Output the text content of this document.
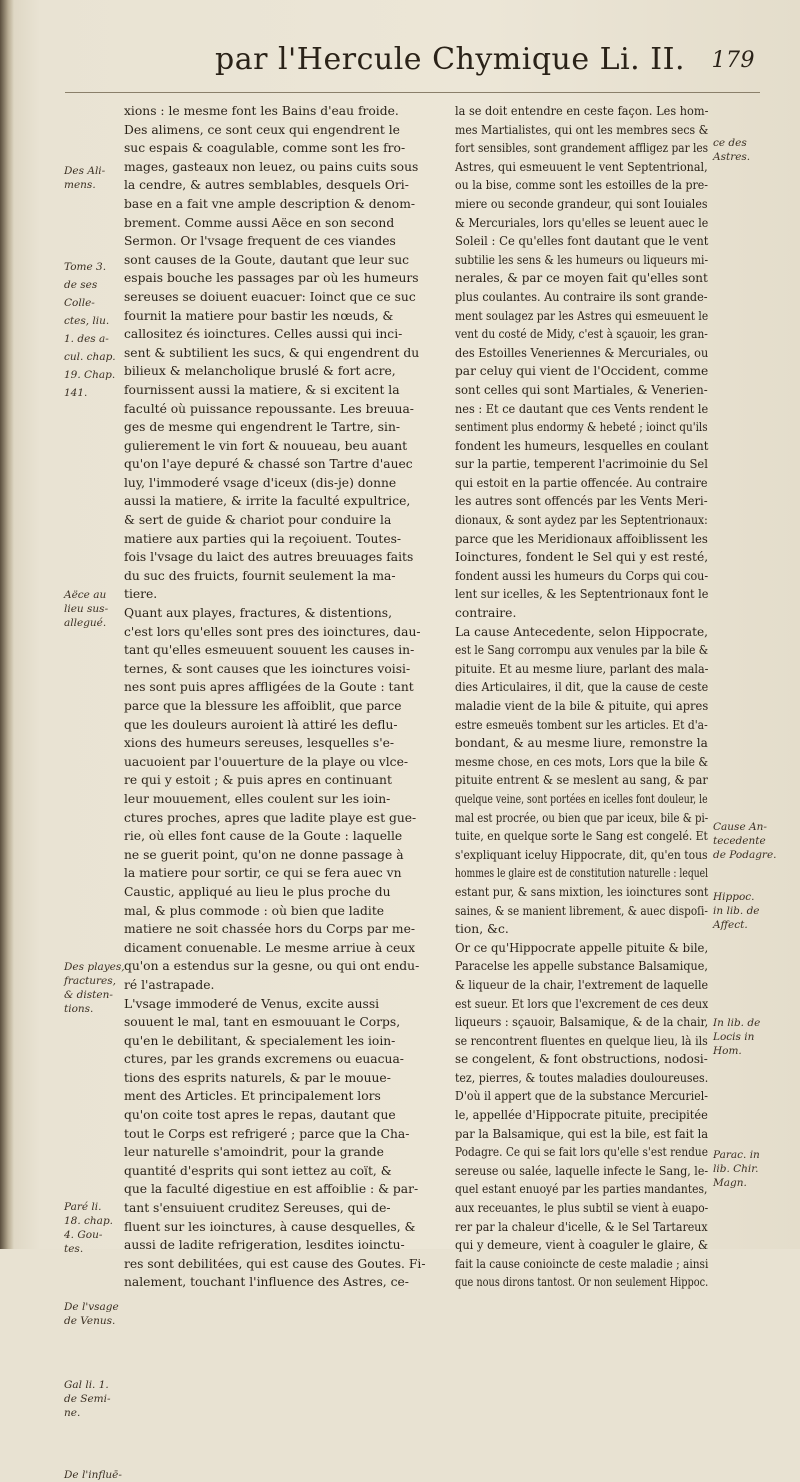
par l'Hercule Chymique Li. II. 179
xions : le mesme font les Bains d'eau froide.
Des alimens, ce sont ceux qui engendrent le
suc espais & coagulable, comme sont les fro-
mages, gasteaux non leuez, ou pains cuits sous
la cendre, & autres semblables, desquels Ori-
base en a fait vne ample description & denom-
brement. Comme aussi Aëce en son second
Sermon. Or l'vsage frequent de ces viandes
sont causes de la Goute, dautant que leur suc
espais bouche les passages par où les humeurs
sereuses se doiuent euacuer: Ioinct que ce suc
fournit la matiere pour bastir les nœuds, &
callositez és ioinctures. Celles aussi qui inci-
sent & subtilient les sucs, & qui engendrent du
bilieux & melancholique bruslé & fort acre,
fournissent aussi la matiere, & si excitent la
faculté où puissance repoussante. Les breuua-
ges de mesme qui engendrent le Tartre, sin-
gulierement le vin fort & nouueau, beu auant
qu'on l'aye depuré & chassé son Tartre d'auec
luy, l'immoderé vsage d'iceux (dis-je) donne
aussi la matiere, & irrite la faculté expultrice,
& sert de guide & chariot pour conduire la
matiere aux parties qui la reçoiuent. Toutes-
fois l'vsage du laict des autres breuuages faits
du suc des fruicts, fournit seulement la ma-
tiere.
Quant aux playes, fractures, & distentions,
c'est lors qu'elles sont pres des ioinctures, dau-
tant qu'elles esmeuuent souuent les causes in-
ternes, & sont causes que les ioinctures voisi-
nes sont puis apres affligées de la Goute : tant
parce que la blessure les affoiblit, que parce
que les douleurs auroient là attiré les deflu-
xions des humeurs sereuses, lesquelles s'e-
uacuoient par l'ouuerture de la playe ou vlce-
re qui y estoit ; & puis apres en continuant
leur mouuement, elles coulent sur les ioin-
ctures proches, apres que ladite playe est gue-
rie, où elles font cause de la Goute : laquelle
ne se guerit point, qu'on ne donne passage à
la matiere pour sortir, ce qui se fera auec vn
Caustic, appliqué au lieu le plus proche du
mal, & plus commode : où bien que ladite
matiere ne soit chassée hors du Corps par me-
dicament conuenable. Le mesme arriue à ceux
qu'on a estendus sur la gesne, ou qui ont endu-
ré l'astrapade.
L'vsage immoderé de Venus, excite aussi
souuent le mal, tant en esmouuant le Corps,
qu'en le debilitant, & specialement les ioin-
ctures, par les grands excremens ou euacua-
tions des esprits naturels, & par le mouue-
ment des Articles. Et principalement lors
qu'on coite tost apres le repas, dautant que
tout le Corps est refrigeré ; parce que la Cha-
leur naturelle s'amoindrit, pour la grande
quantité d'esprits qui sont iettez au coït, &
que la faculté digestiue en est affoiblie : & par-
tant s'ensuiuent cruditez Sereuses, qui de-
fluent sur les ioinctures, à cause desquelles, &
aussi de ladite refrigeration, lesdites ioinctu-
res sont debilitées, qui est cause des Goutes. Fi-
nalement, touchant l'influence des Astres, ce-
la se doit entendre en ceste façon. Les hom-
mes Martialistes, qui ont les membres secs &
fort sensibles, sont grandement affligez par les
Astres, qui esmeuuent le vent Septentrional,
ou la bise, comme sont les estoilles de la pre-
miere ou seconde grandeur, qui sont Iouiales
& Mercuriales, lors qu'elles se leuent auec le
Soleil : Ce qu'elles font dautant que le vent
subtilie les sens & les humeurs ou liqueurs mi-
nerales, & par ce moyen fait qu'elles sont
plus coulantes. Au contraire ils sont grande-
ment soulagez par les Astres qui esmeuuent le
vent du costé de Midy, c'est à sçauoir, les gran-
des Estoilles Veneriennes & Mercuriales, ou
par celuy qui vient de l'Occident, comme
sont celles qui sont Martiales, & Venerien-
nes : Et ce dautant que ces Vents rendent le
sentiment plus endormy & hebeté ; ioinct qu'ils
fondent les humeurs, lesquelles en coulant
sur la partie, temperent l'acrimoinie du Sel
qui estoit en la partie offencée. Au contraire
les autres sont offencés par les Vents Meri-
dionaux, & sont aydez par les Septentrionaux:
parce que les Meridionaux affoiblissent les
Ioinctures, fondent le Sel qui y est resté,
fondent aussi les humeurs du Corps qui cou-
lent sur icelles, & les Septentrionaux font le
contraire.
La cause Antecedente, selon Hippocrate,
est le Sang corrompu aux venules par la bile &
pituite. Et au mesme liure, parlant des mala-
dies Articulaires, il dit, que la cause de ceste
maladie vient de la bile & pituite, qui apres
estre esmeuës tombent sur les articles. Et d'a-
bondant, & au mesme liure, remonstre la
mesme chose, en ces mots, Lors que la bile &
pituite entrent & se meslent au sang, & par
quelque veine, sont portées en icelles font douleur, le
mal est procrée, ou bien que par iceux, bile & pi-
tuite, en quelque sorte le Sang est congelé. Et
s'expliquant iceluy Hippocrate, dit, qu'en tous
hommes le glaire est de constitution naturelle : lequel
estant pur, & sans mixtion, les ioinctures sont
saines, & se manient librement, & auec dispoſi-
tion, &c.
Or ce qu'Hippocrate appelle pituite & bile,
Paracelse les appelle substance Balsamique,
& liqueur de la chair, l'extrement de laquelle
est sueur. Et lors que l'excrement de ces deux
liqueurs : sçauoir, Balsamique, & de la chair,
se rencontrent fluentes en quelque lieu, là ils
se congelent, & font obstructions, nodosi-
tez, pierres, & toutes maladies douloureuses.
D'où il appert que de la substance Mercuriel-
le, appellée d'Hippocrate pituite, precipitée
par la Balsamique, qui est la bile, est fait la
Podagre. Ce qui se fait lors qu'elle s'est rendue
sereuse ou salée, laquelle infecte le Sang, le-
quel estant enuoyé par les parties mandantes,
aux receuantes, le plus subtil se vient à euapo-
rer par la chaleur d'icelle, & le Sel Tartareux
qui y demeure, vient à coaguler le glaire, &
fait la cause conioincte de ceste maladie ; ainsi
que nous dirons tantost. Or non seulement Hippoc.
Des Ali-
mens.
Tome 3.
de ses
Colle-
ctes, liu.
1. des a-
cul. chap.
19. Chap.
141.
Aëce au
lieu sus-
allegué.
Des playes,
fractures,
& disten-
tions.
Paré li.
18. chap.
4. Gou-
tes.
De l'vsage
de Venus.
Gal li. 1.
de Semi-
ne.
De l'influē-
ce des
Astres.
Cause An-
tecedente
de Podagre.
Hippoc.
in lib. de
Affect.
In lib. de
Locis in
Hom.
Parac. in
lib. Chir.
Magn.
